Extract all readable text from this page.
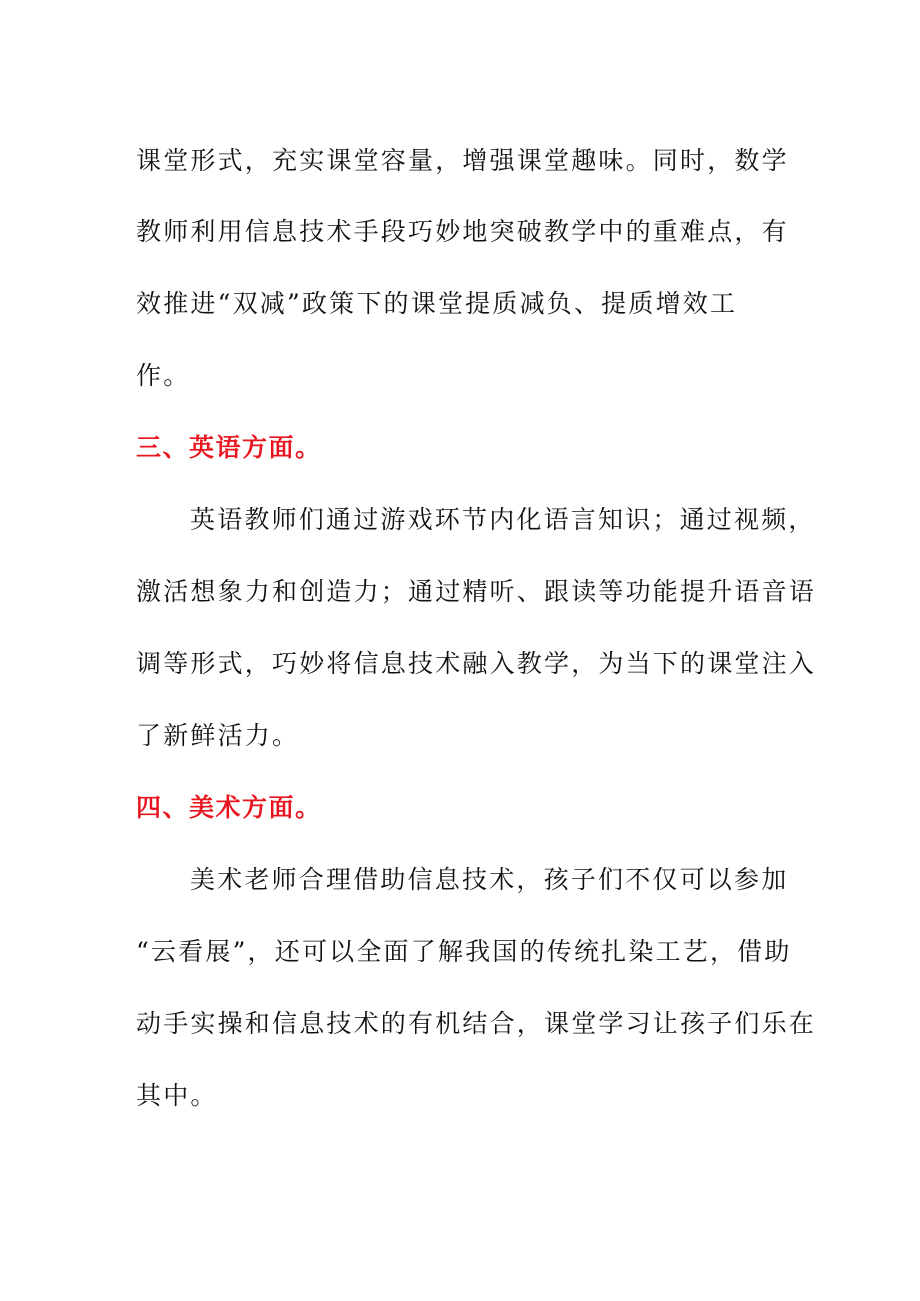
课堂形式，充实课堂容量，增强课堂趣味。同时，数学
教师利用信息技术手段巧妙地突破教学中的重难点，有
效推进“双减”政策下的课堂提质减负、提质增效工
作。
三、英语方面。
英语教师们通过游戏环节内化语言知识；通过视频，
激活想象力和创造力；通过精听、跟读等功能提升语音语
调等形式，巧妙将信息技术融入教学，为当下的课堂注入
了新鲜活力。
四、美术方面。
美术老师合理借助信息技术，孩子们不仅可以参加
“云看展”，还可以全面了解我国的传统扎染工艺，借助
动手实操和信息技术的有机结合，课堂学习让孩子们乐在
其中。
